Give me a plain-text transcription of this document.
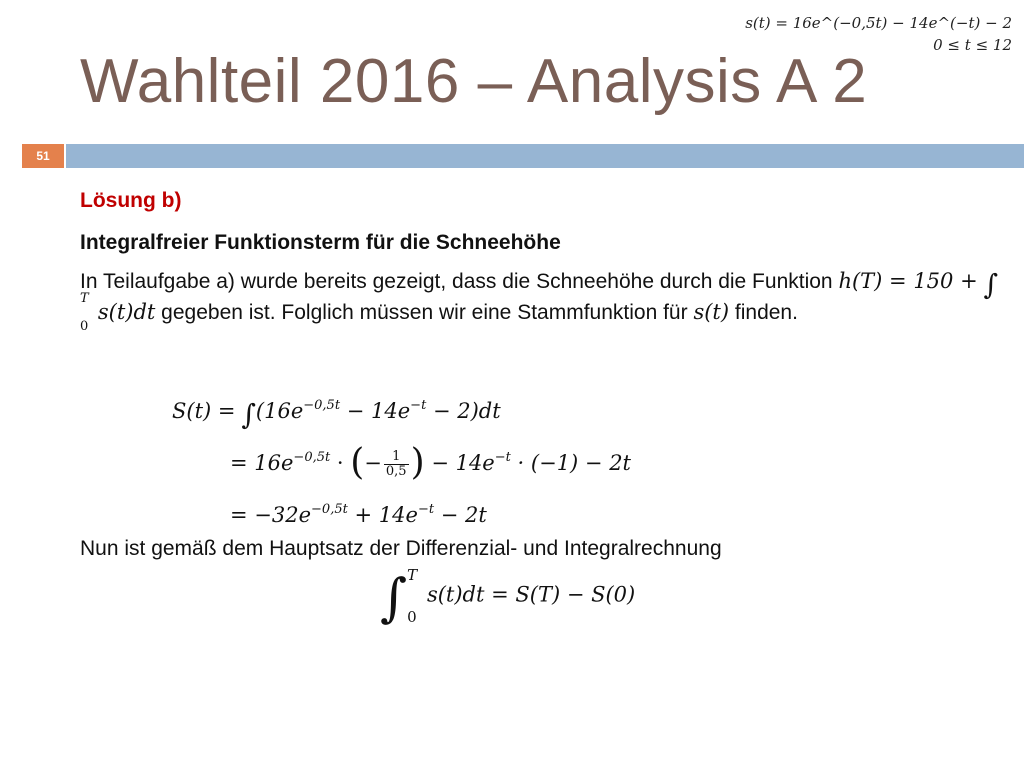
s(t) = 16e^(−0,5t) − 14e^(−t) − 2
0 ≤ t ≤ 12
Wahlteil 2016 – Analysis A 2
51
Lösung b)
Integralfreier Funktionsterm für die Schneehöhe
In Teilaufgabe a) wurde bereits gezeigt, dass die Schneehöhe durch die Funktion h(T) = 150 + ∫
T
0
s(t)dt gegeben ist. Folglich müssen wir eine Stammfunktion für s(t) finden.
$S(t) = \int(16e^{-0,5t} - 14e^{-t} - 2)dt$
= $16e^{-0,5t}$ · (− $\frac{1}{0,5}$ ) − $14e^{-t} \cdot (-1) - 2t$
= $-32e^{-0,5t} + 14e^{-t} - 2t$
Nun ist gemäß dem Hauptsatz der Differenzial- und Integralrechnung
∫ T
0
s(t)dt = S(T) − S(0)
